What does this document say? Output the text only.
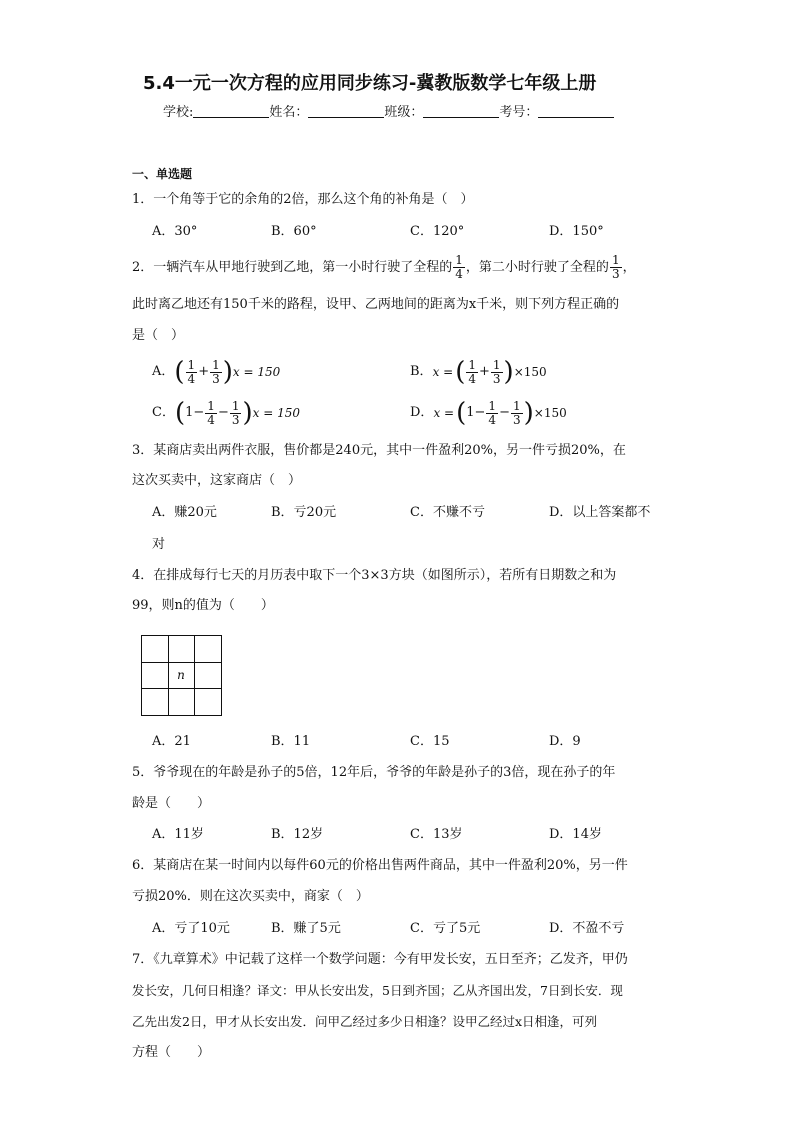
5.4一元一次方程的应用同步练习-冀教版数学七年级上册
学校:	姓名：	班级：	考号：
一、单选题
1．一个角等于它的余角的2倍，那么这个角的补角是（　）
A．30°	B．60°	C．120°	D．150°
2．一辆汽车从甲地行驶到乙地，第一小时行驶了全程的 $\frac{1}{4}$ ，第二小时行驶了全程的 $\frac{1}{3}$ ，
此时离乙地还有150千米的路程，设甲、乙两地间的距离为x千米，则下列方程正确的
是（　）
A． ( $\frac{1}{4} + \frac{1}{3}$ ) x = 150	B． x = ( $\frac{1}{4} + \frac{1}{3}$ ) ×150
C． ( $1 - \frac{1}{4} - \frac{1}{3}$ ) x = 150	D． x = ( $1 - \frac{1}{4} - \frac{1}{3}$ ) ×150
3．某商店卖出两件衣服，售价都是240元，其中一件盈利20%，另一件亏损20%，在
这次买卖中，这家商店（　）
A．赚20元	B．亏20元	C．不赚不亏	D．以上答案都不
对
4．在排成每行七天的月历表中取下一个3×3方块（如图所示），若所有日期数之和为
99，则n的值为（　　）
n
A．21	B．11	C．15	D．9
5．爷爷现在的年龄是孙子的5倍，12年后，爷爷的年龄是孙子的3倍，现在孙子的年
龄是（　　）
A．11岁	B．12岁	C．13岁	D．14岁
6．某商店在某一时间内以每件60元的价格出售两件商品，其中一件盈利20%，另一件
亏损20%．则在这次买卖中，商家（　）
A．亏了10元	B．赚了5元	C．亏了5元	D．不盈不亏
7．《九章算术》中记载了这样一个数学问题：今有甲发长安，五日至齐；乙发齐，甲仍
发长安，几何日相逢？译文：甲从长安出发，5日到齐国；乙从齐国出发，7日到长安．现
乙先出发2日，甲才从长安出发．问甲乙经过多少日相逢？设甲乙经过x日相逢，可列
方程（　　）
